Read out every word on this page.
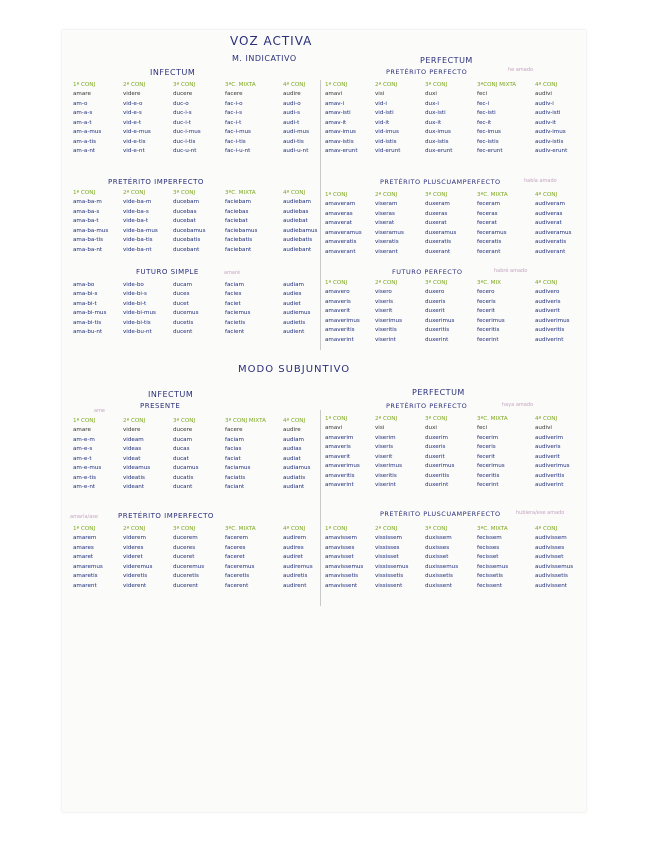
VOZ ACTIVA
M. INDICATIVO
INFECTUM
1ª CONJ	2ª CONJ	3ª CONJ	3ªC. MIXTA	4ª CONJ
amare	videre	ducere	facere	audire
am-o	vid-e-o	duc-o	fac-i-o	audi-o
am-a-s	vid-e-s	duc-i-s	fac-i-s	audi-s
am-a-t	vid-e-t	duc-i-t	fac-i-t	audi-t
am-a-mus	vid-e-mus	duc-i-mus	fac-i-mus	audi-mus
am-a-tis	vid-e-tis	duc-i-tis	fac-i-tis	audi-tis
am-a-nt	vid-e-nt	duc-u-nt	fac-i-u-nt	audi-u-nt
PRETÉRITO IMPERFECTO
1ª CONJ	2ª CONJ	3ª CONJ	3ªC. MIXTA	4ª CONJ
ama-ba-m	vide-ba-m	ducebam	faciebam	audiebam
ama-ba-s	vide-ba-s	ducebas	faciebas	audiebas
ama-ba-t	vide-ba-t	ducebat	faciebat	audiebat
ama-ba-mus	vide-ba-mus	ducebamus	faciebamus	audiebamus
ama-ba-tis	vide-ba-tis	ducebatis	faciebatis	audiebatis
ama-ba-nt	vide-ba-nt	ducebant	faciebant	audiebant
FUTURO SIMPLE	amaré
ama-bo	vide-bo	ducam	faciam	audiam
ama-bi-s	vide-bi-s	duces	facies	audies
ama-bi-t	vide-bi-t	ducet	faciet	audiet
ama-bi-mus	vide-bi-mus	ducemus	faciemus	audiemus
ama-bi-tis	vide-bi-tis	ducetis	facietis	audietis
ama-bu-nt	vide-bu-nt	ducent	facient	audient
PERFECTUM
PRETÉRITO PERFECTO	he amado
1ª CONJ	2ª CONJ	3ª CONJ	3ªCONJ MIXTA	4ª CONJ
amavi	visi	duxi	feci	audivi
amav-i	vid-i	dux-i	fec-i	audiv-i
amav-isti	vid-isti	dux-isti	fec-isti	audiv-isti
amav-it	vid-it	dux-it	fec-it	audiv-it
amav-imus	vid-imus	dux-imus	fec-imus	audiv-imus
amav-istis	vid-istis	dux-istis	fec-istis	audiv-istis
amav-erunt	vid-erunt	dux-erunt	fec-erunt	audiv-erunt
PRETÉRITO PLUSCUAMPERFECTO	había amado
1ª CONJ	2ª CONJ	3ª CONJ	3ªC. MIXTA	4ª CONJ
amaveram	viseram	duxeram	feceram	audiveram
amaveras	viseras	duxeras	feceras	audiveras
amaverat	viserat	duxerat	fecerat	audiverat
amaveramus	viseramus	duxeramus	feceramus	audiveramus
amaveratis	viseratis	duxeratis	feceratis	audiveratis
amaverant	viserant	duxerant	fecerant	audiverant
FUTURO PERFECTO	habré amado
1ª CONJ	2ª CONJ	3ª CONJ	3ªC. MIX	4ª CONJ
amavero	visero	duxero	fecero	audivero
amaveris	viseris	duxeris	feceris	audiveris
amaverit	viserit	duxerit	fecerit	audiverit
amaverimus	viserimus	duxerimus	fecerimus	audiverimus
amaveritis	viseritis	duxeritis	feceritis	audiveritis
amaverint	viserint	duxerint	fecerint	audiverint
MODO SUBJUNTIVO
INFECTUM
PRESENTE
ame
1ª CONJ	2ª CONJ	3ª CONJ	3ª CONJ MIXTA	4ª CONJ
amare	videre	ducere	facere	audire
am-e-m	videam	ducam	faciam	audiam
am-e-s	videas	ducas	facias	audias
am-e-t	videat	ducat	faciat	audiat
am-e-mus	videamus	ducamus	faciamus	audiamus
am-e-tis	videatis	ducatis	faciatis	audiatis
am-e-nt	videant	ducant	faciant	audiant
amaría/ase	PRETÉRITO IMPERFECTO
1ª CONJ	2ª CONJ	3ª CONJ	3ªC. MIXTA	4ª CONJ
amarem	viderem	ducerem	facerem	audirem
amares	videres	duceres	faceres	audires
amaret	videret	duceret	faceret	audiret
amaremus	videremus	duceremus	faceremus	audiremus
amaretis	videretis	duceretis	faceretis	audiretis
amarent	viderent	ducerent	facerent	audirent
PERFECTUM
PRETÉRITO PERFECTO	haya amado
1ª CONJ	2ª CONJ	3ª CONJ	3ªC. MIXTA	4ª CONJ
amavi	visi	duxi	feci	audivi
amaverim	viserim	duxerim	fecerim	audiverim
amaveris	viseris	duxeris	feceris	audiveris
amaverit	viserit	duxerit	fecerit	audiverit
amaverimus	viserimus	duxerimus	fecerimus	audiverimus
amaveritis	viseritis	duxeritis	feceritis	audiveritis
amaverint	viserint	duxerint	fecerint	audiverint
PRETÉRITO PLUSCUAMPERFECTO	hubiera/ese amado
1ª CONJ	2ª CONJ	3ª CONJ	3ªC. MIXTA	4ª CONJ
amavissem	vississem	duxissem	fecissem	audivissem
amavisses	vississes	duxisses	fecisses	audivisses
amavisset	vississet	duxisset	fecisset	audivisset
amavissemus	vississemus	duxissemus	fecissemus	audivissemus
amavissetis	vississetis	duxissetis	fecissetis	audivissetis
amavissent	vississent	duxissent	fecissent	audivissent
